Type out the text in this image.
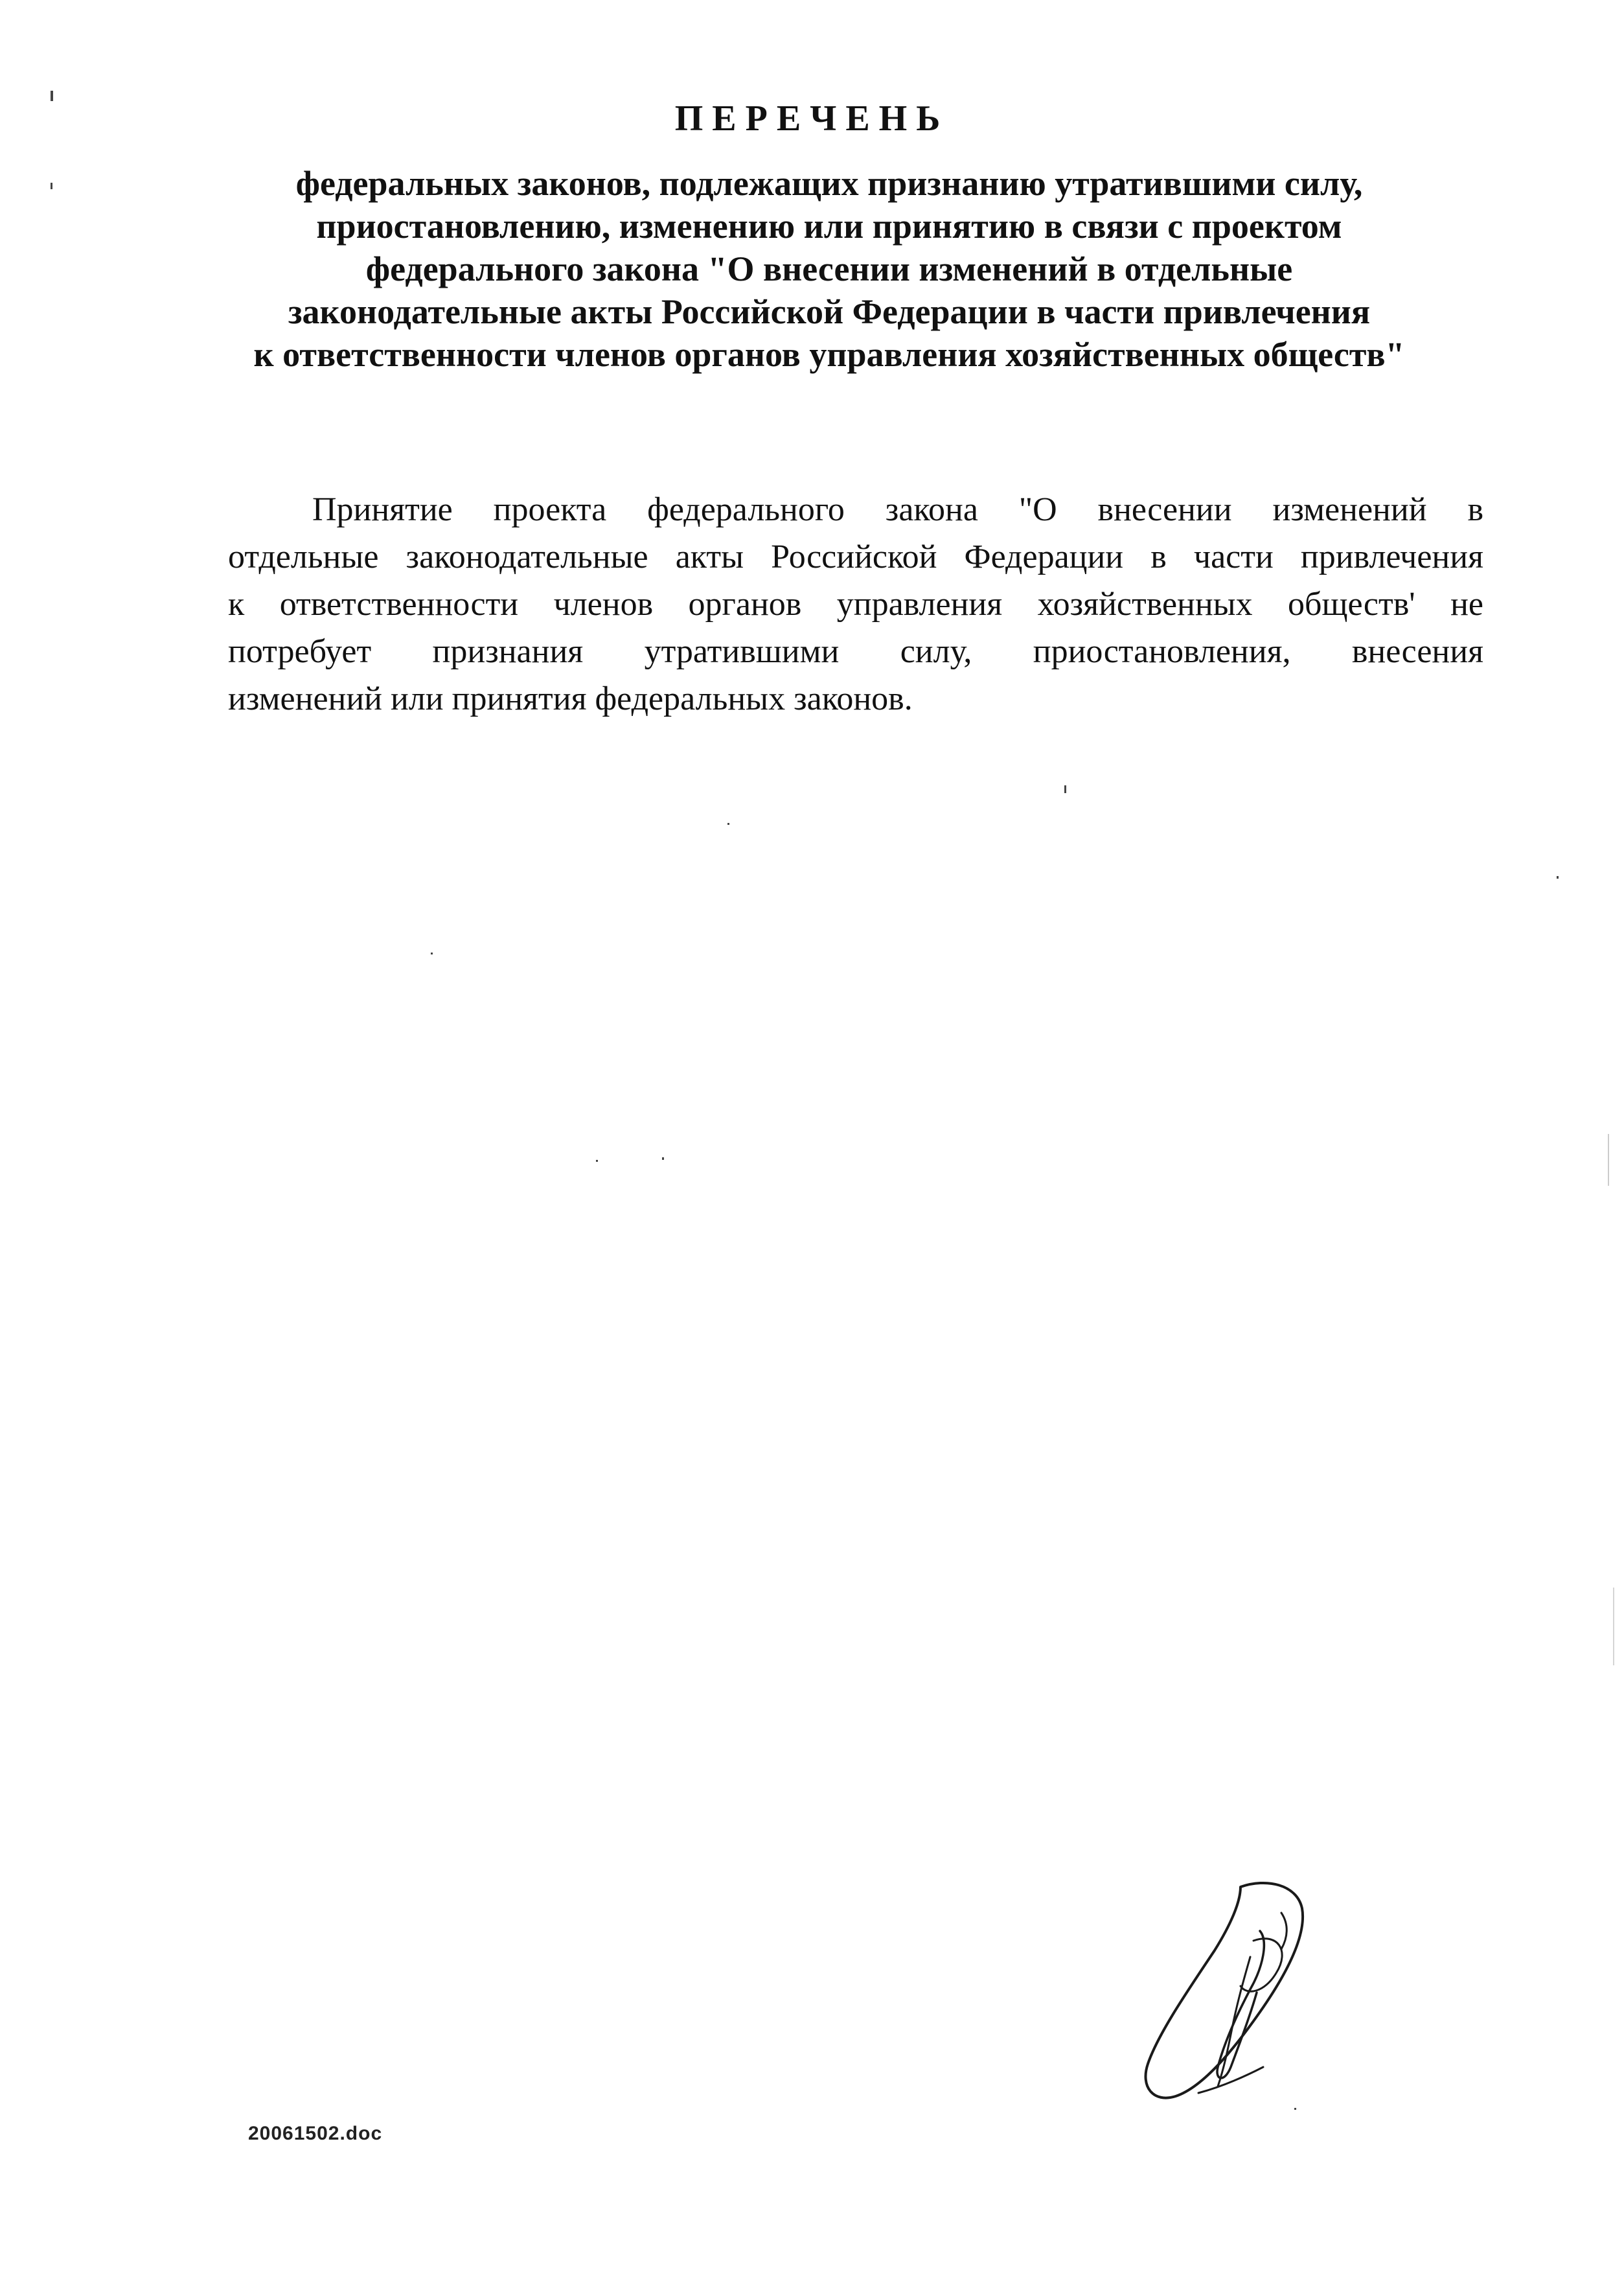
ПЕРЕЧЕНЬ
федеральных законов, подлежащих признанию утратившими силу,
приостановлению, изменению или принятию в связи с проектом
федерального закона "О внесении изменений в отдельные
законодательные акты Российской Федерации в части привлечения
к ответственности членов органов управления хозяйственных обществ"
Принятие проекта федерального закона "О внесении изменений в
отдельные законодательные акты Российской Федерации в части привлечения
к ответственности членов органов управления хозяйственных обществ' не
потребует признания утратившими силу, приостановления, внесения
изменений или принятия федеральных законов.
20061502.doc
